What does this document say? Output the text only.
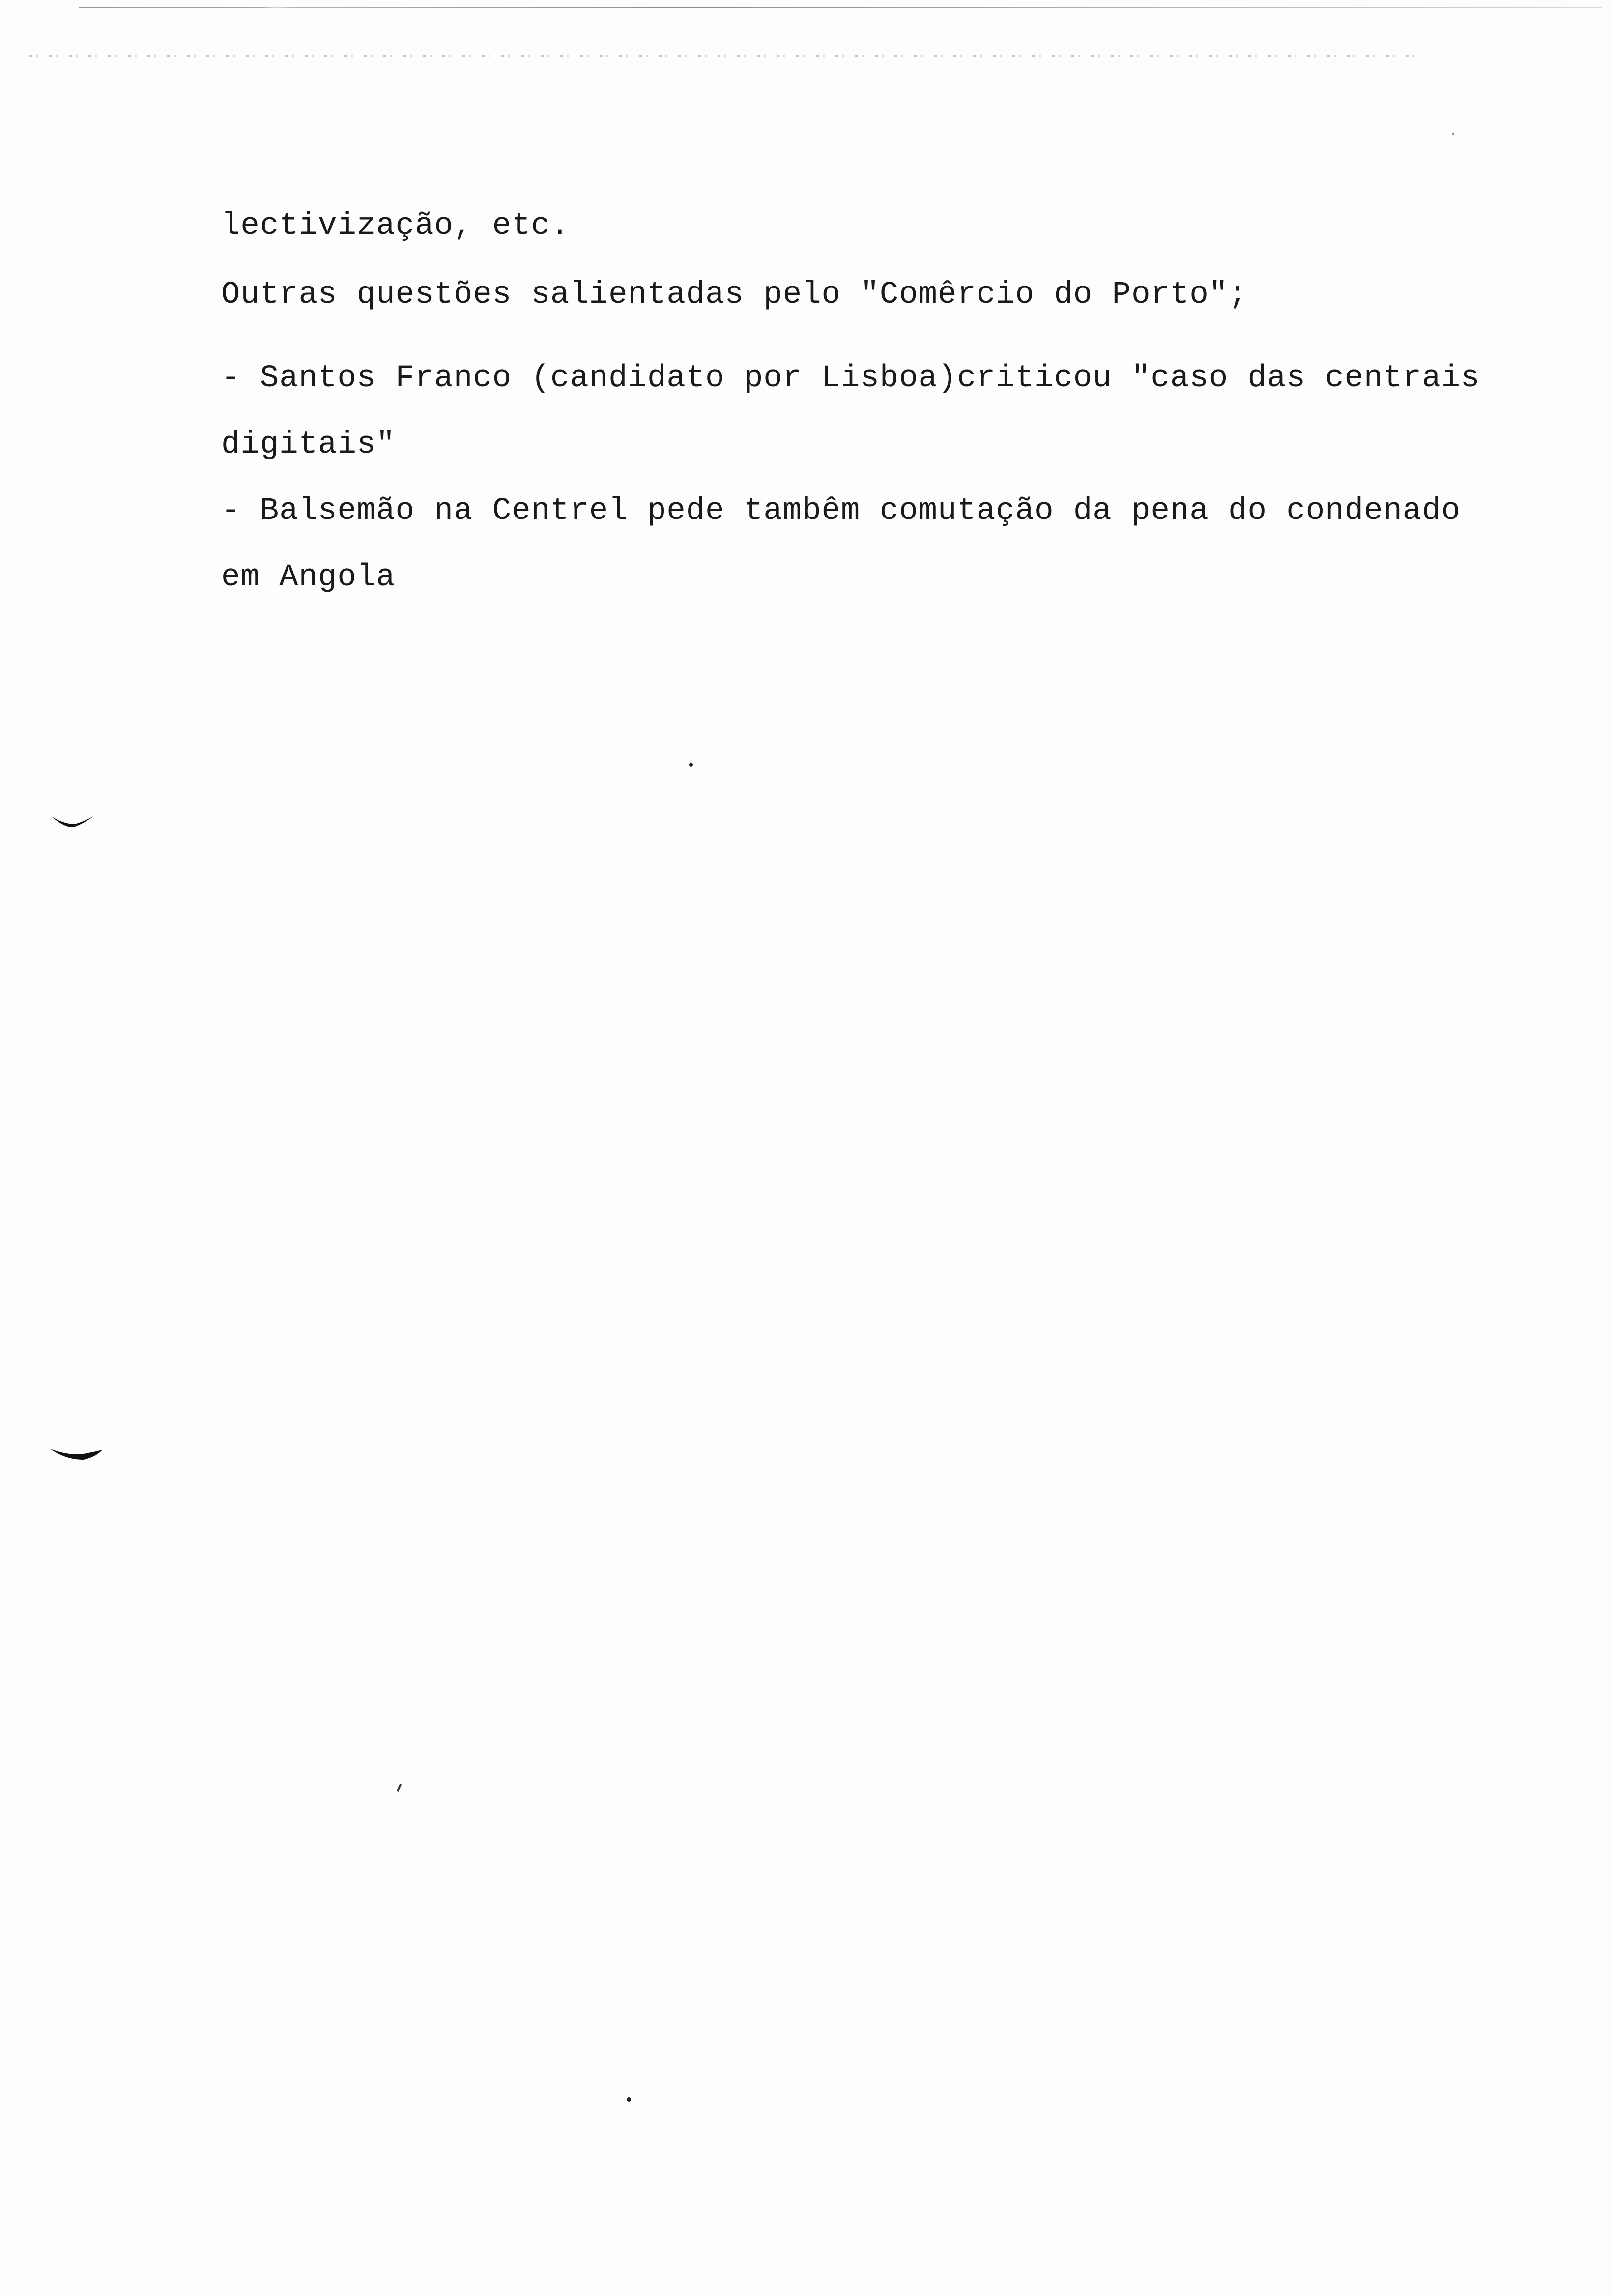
lectivização, etc.

Outras questões salientadas pelo "Comêrcio do Porto";

- Santos Franco (candidato por Lisboa)criticou "caso das centrais

digitais"

- Balsemão na Centrel pede tambêm comutação da pena do condenado

em Angola
